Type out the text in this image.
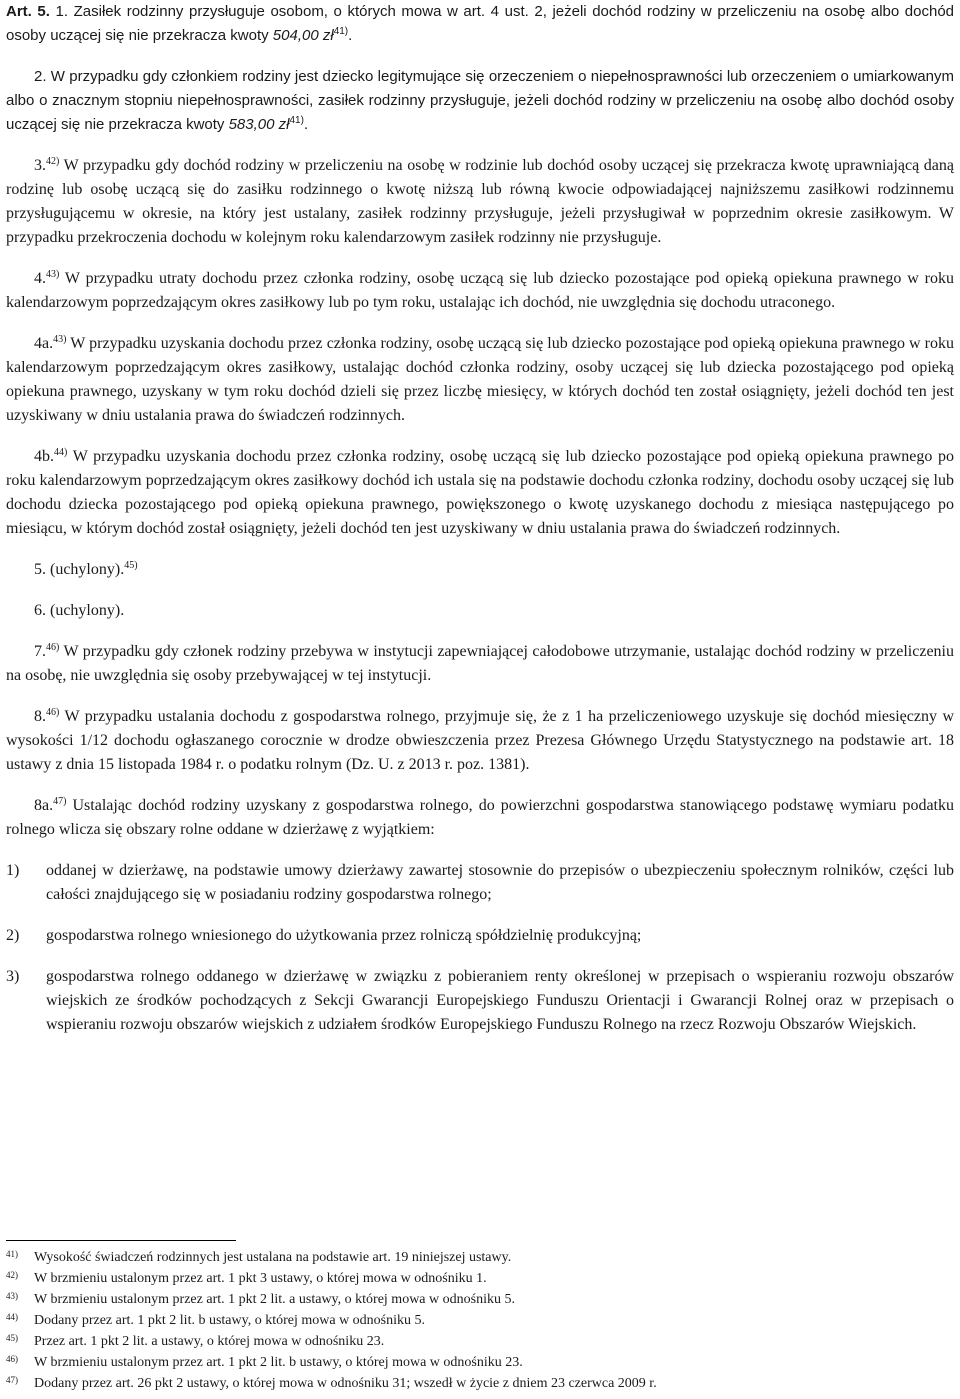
Art. 5. 1. Zasiłek rodzinny przysługuje osobom, o których mowa w art. 4 ust. 2, jeżeli dochód rodziny w przeliczeniu na osobę albo dochód osoby uczącej się nie przekracza kwoty 504,00 $zł^{41)}$.

2. W przypadku gdy członkiem rodziny jest dziecko legitymujące się orzeczeniem o niepełnosprawności lub orzeczeniem o umiarkowanym albo o znacznym stopniu niepełnosprawności, zasiłek rodzinny przysługuje, jeżeli dochód rodziny w przeliczeniu na osobę albo dochód osoby uczącej się nie przekracza kwoty 583,00 $zł^{41)}$.

3.$^{42)}$ W przypadku gdy dochód rodziny w przeliczeniu na osobę w rodzinie lub dochód osoby uczącej się przekracza kwotę uprawniającą daną rodzinę lub osobę uczącą się do zasiłku rodzinnego o kwotę niższą lub równą kwocie odpowiadającej najniższemu zasiłkowi rodzinnemu przysługującemu w okresie, na który jest ustalany, zasiłek rodzinny przysługuje, jeżeli przysługiwał w poprzednim okresie zasiłkowym. W przypadku przekroczenia dochodu w kolejnym roku kalendarzowym zasiłek rodzinny nie przysługuje.

4.$^{43)}$ W przypadku utraty dochodu przez członka rodziny, osobę uczącą się lub dziecko pozostające pod opieką opiekuna prawnego w roku kalendarzowym poprzedzającym okres zasiłkowy lub po tym roku, ustalając ich dochód, nie uwzględnia się dochodu utraconego.

4a.$^{43)}$ W przypadku uzyskania dochodu przez członka rodziny, osobę uczącą się lub dziecko pozostające pod opieką opiekuna prawnego w roku kalendarzowym poprzedzającym okres zasiłkowy, ustalając dochód członka rodziny, osoby uczącej się lub dziecka pozostającego pod opieką opiekuna prawnego, uzyskany w tym roku dochód dzieli się przez liczbę miesięcy, w których dochód ten został osiągnięty, jeżeli dochód ten jest uzyskiwany w dniu ustalania prawa do świadczeń rodzinnych.

4b.$^{44)}$ W przypadku uzyskania dochodu przez członka rodziny, osobę uczącą się lub dziecko pozostające pod opieką opiekuna prawnego po roku kalendarzowym poprzedzającym okres zasiłkowy dochód ich ustala się na podstawie dochodu członka rodziny, dochodu osoby uczącej się lub dochodu dziecka pozostającego pod opieką opiekuna prawnego, powiększonego o kwotę uzyskanego dochodu z miesiąca następującego po miesiącu, w którym dochód został osiągnięty, jeżeli dochód ten jest uzyskiwany w dniu ustalania prawa do świadczeń rodzinnych.

5. (uchylony).$^{45)}$

6. (uchylony).

7.$^{46)}$ W przypadku gdy członek rodziny przebywa w instytucji zapewniającej całodobowe utrzymanie, ustalając dochód rodziny w przeliczeniu na osobę, nie uwzględnia się osoby przebywającej w tej instytucji.

8.$^{46)}$ W przypadku ustalania dochodu z gospodarstwa rolnego, przyjmuje się, że z 1 ha przeliczeniowego uzyskuje się dochód miesięczny w wysokości 1/12 dochodu ogłaszanego corocznie w drodze obwieszczenia przez Prezesa Głównego Urzędu Statystycznego na podstawie art. 18 ustawy z dnia 15 listopada 1984 r. o podatku rolnym (Dz. U. z 2013 r. poz. 1381).

8a.$^{47)}$ Ustalając dochód rodziny uzyskany z gospodarstwa rolnego, do powierzchni gospodarstwa stanowiącego podstawę wymiaru podatku rolnego wlicza się obszary rolne oddane w dzierżawę z wyjątkiem:

1)	oddanej w dzierżawę, na podstawie umowy dzierżawy zawartej stosownie do przepisów o ubezpieczeniu społecznym rolników, części lub całości znajdującego się w posiadaniu rodziny gospodarstwa rolnego;
2)	gospodarstwa rolnego wniesionego do użytkowania przez rolniczą spółdzielnię produkcyjną;
3)	gospodarstwa rolnego oddanego w dzierżawę w związku z pobieraniem renty określonej w przepisach o wspieraniu rozwoju obszarów wiejskich ze środków pochodzących z Sekcji Gwarancji Europejskiego Funduszu Orientacji i Gwarancji Rolnej oraz w przepisach o wspieraniu rozwoju obszarów wiejskich z udziałem środków Europejskiego Funduszu Rolnego na rzecz Rozwoju Obszarów Wiejskich.
41)	Wysokość świadczeń rodzinnych jest ustalana na podstawie art. 19 niniejszej ustawy.
42)	W brzmieniu ustalonym przez art. 1 pkt 3 ustawy, o której mowa w odnośniku 1.
43)	W brzmieniu ustalonym przez art. 1 pkt 2 lit. a ustawy, o której mowa w odnośniku 5.
44)	Dodany przez art. 1 pkt 2 lit. b ustawy, o której mowa w odnośniku 5.
45)	Przez art. 1 pkt 2 lit. a ustawy, o której mowa w odnośniku 23.
46)	W brzmieniu ustalonym przez art. 1 pkt 2 lit. b ustawy, o której mowa w odnośniku 23.
47)	Dodany przez art. 26 pkt 2 ustawy, o której mowa w odnośniku 31; wszedł w życie z dniem 23 czerwca 2009 r.
